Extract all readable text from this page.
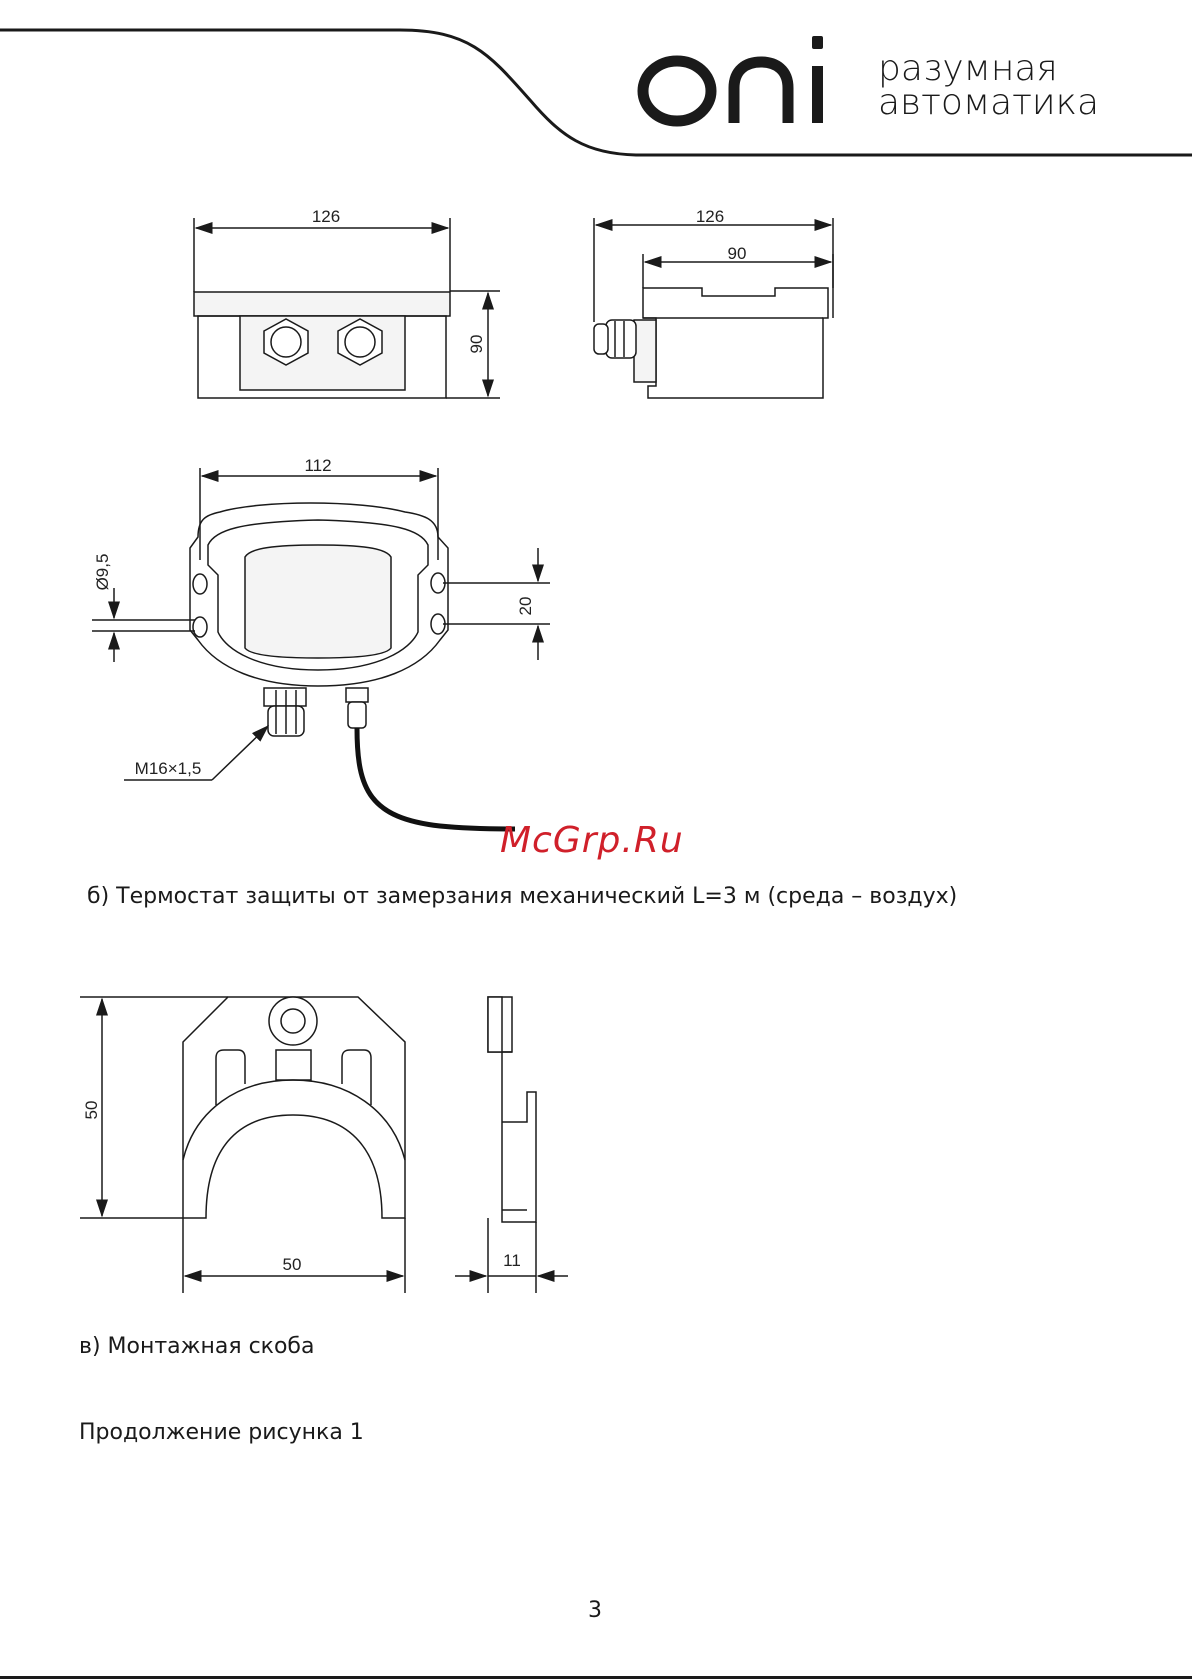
разумная
автоматика
126
90
126
90
112
Ø9,5
20
M16×1,5
McGrp.Ru
б) Термостат защиты от замерзания механический L=3 м (среда – воздух)
50
50	11
в) Монтажная скоба
Продолжение рисунка 1
3
